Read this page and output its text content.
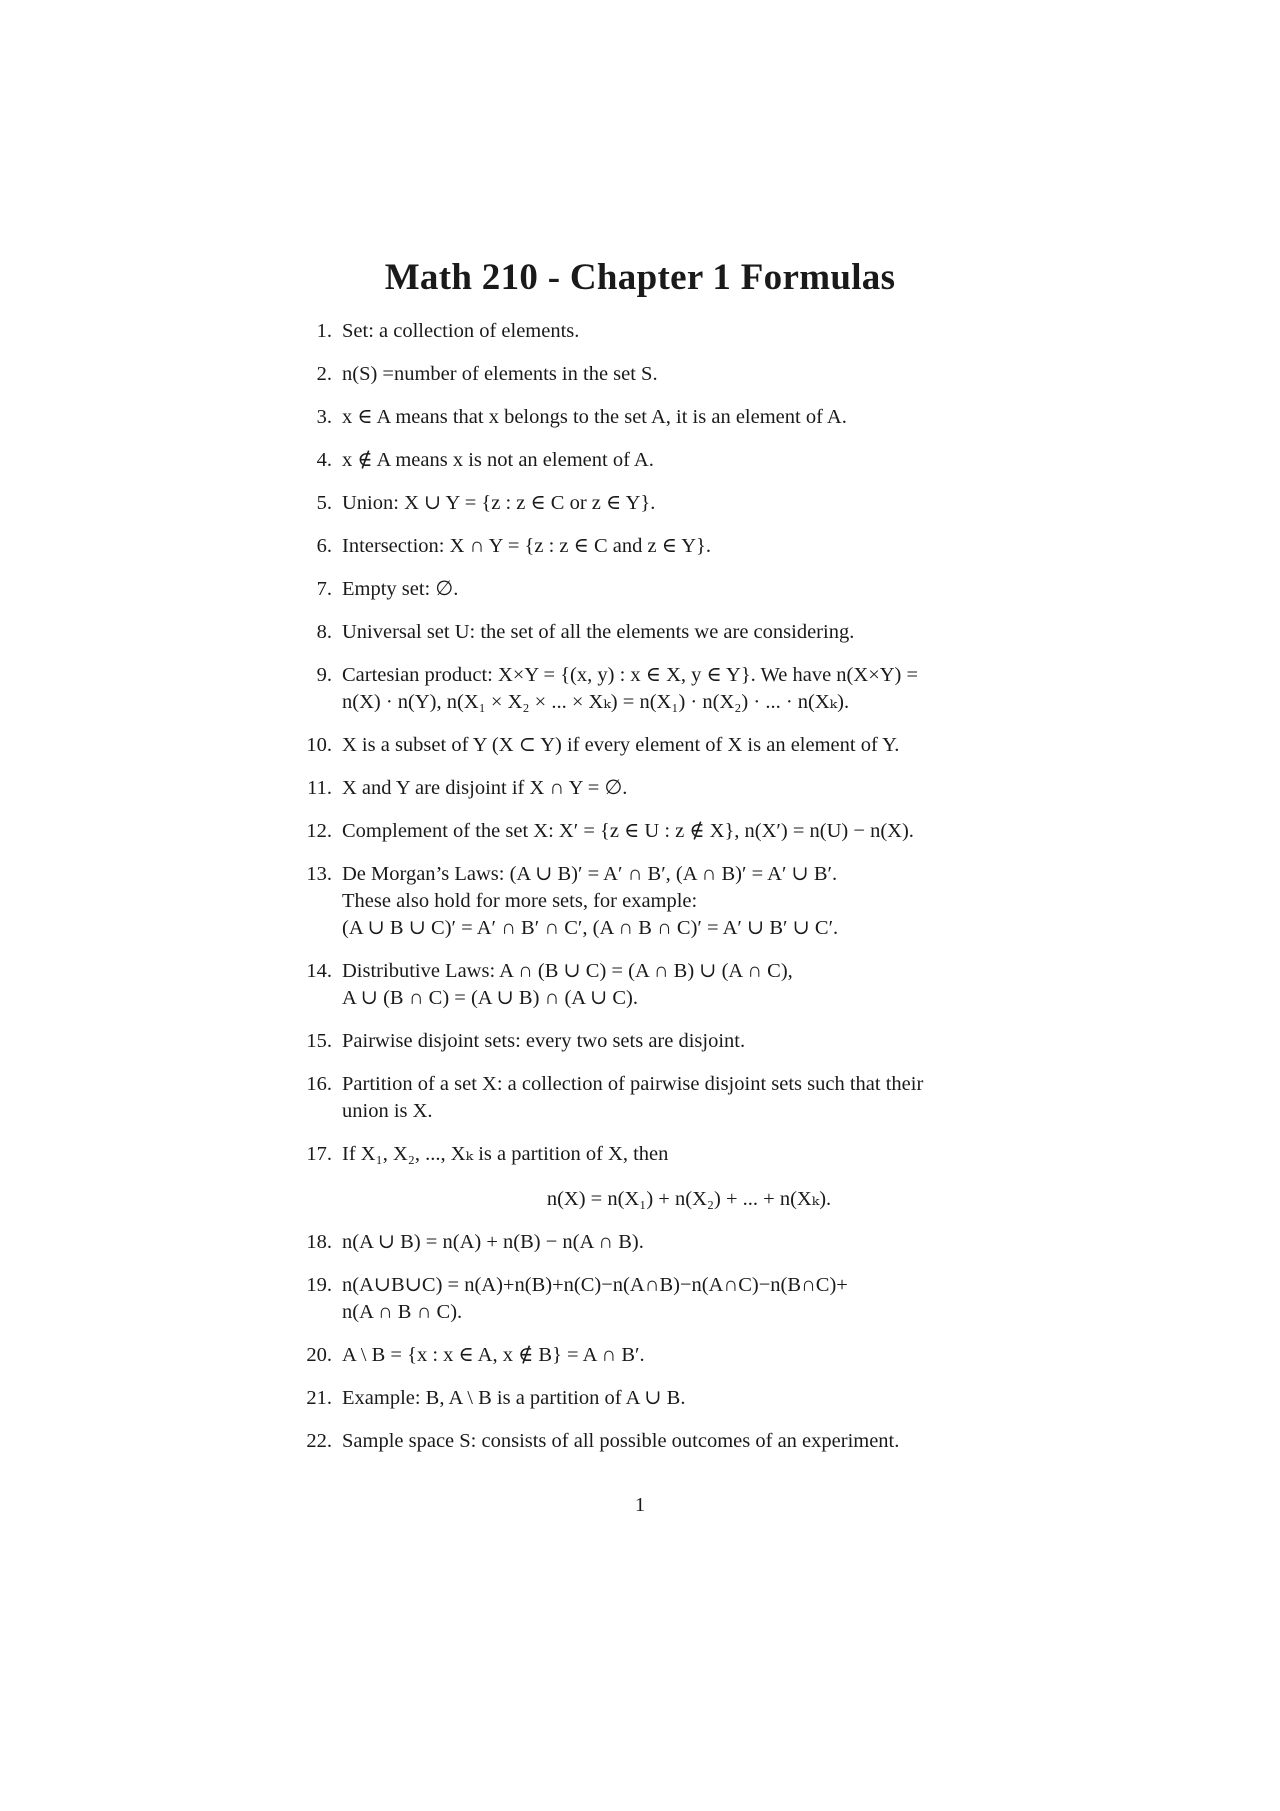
Math 210 - Chapter 1 Formulas
1. Set: a collection of elements.
2. n(S) =number of elements in the set S.
3. x ∈ A means that x belongs to the set A, it is an element of A.
4. x ∉ A means x is not an element of A.
5. Union: X ∪ Y = {z : z ∈ C or z ∈ Y}.
6. Intersection: X ∩ Y = {z : z ∈ C and z ∈ Y}.
7. Empty set: ∅.
8. Universal set U: the set of all the elements we are considering.
9. Cartesian product: X×Y = {(x, y) : x ∈ X, y ∈ Y}. We have n(X×Y) =
n(X) · n(Y), n(X₁ × X₂ × ... × Xₖ) = n(X₁) · n(X₂) · ... · n(Xₖ).
10. X is a subset of Y (X ⊂ Y) if every element of X is an element of Y.
11. X and Y are disjoint if X ∩ Y = ∅.
12. Complement of the set X: X′ = {z ∈ U : z ∉ X}, n(X′) = n(U) − n(X).
13. De Morgan’s Laws: (A ∪ B)′ = A′ ∩ B′, (A ∩ B)′ = A′ ∪ B′.
These also hold for more sets, for example:
(A ∪ B ∪ C)′ = A′ ∩ B′ ∩ C′, (A ∩ B ∩ C)′ = A′ ∪ B′ ∪ C′.
14. Distributive Laws: A ∩ (B ∪ C) = (A ∩ B) ∪ (A ∩ C),
A ∪ (B ∩ C) = (A ∪ B) ∩ (A ∪ C).
15. Pairwise disjoint sets: every two sets are disjoint.
16. Partition of a set X: a collection of pairwise disjoint sets such that their
union is X.
17. If X₁, X₂, ..., Xₖ is a partition of X, then
n(X) = n(X₁) + n(X₂) + ... + n(Xₖ).
18. n(A ∪ B) = n(A) + n(B) − n(A ∩ B).
19. n(A∪B∪C) = n(A)+n(B)+n(C)−n(A∩B)−n(A∩C)−n(B∩C)+
n(A ∩ B ∩ C).
20. A \ B = {x : x ∈ A, x ∉ B} = A ∩ B′.
21. Example: B, A \ B is a partition of A ∪ B.
22. Sample space S: consists of all possible outcomes of an experiment.
1
